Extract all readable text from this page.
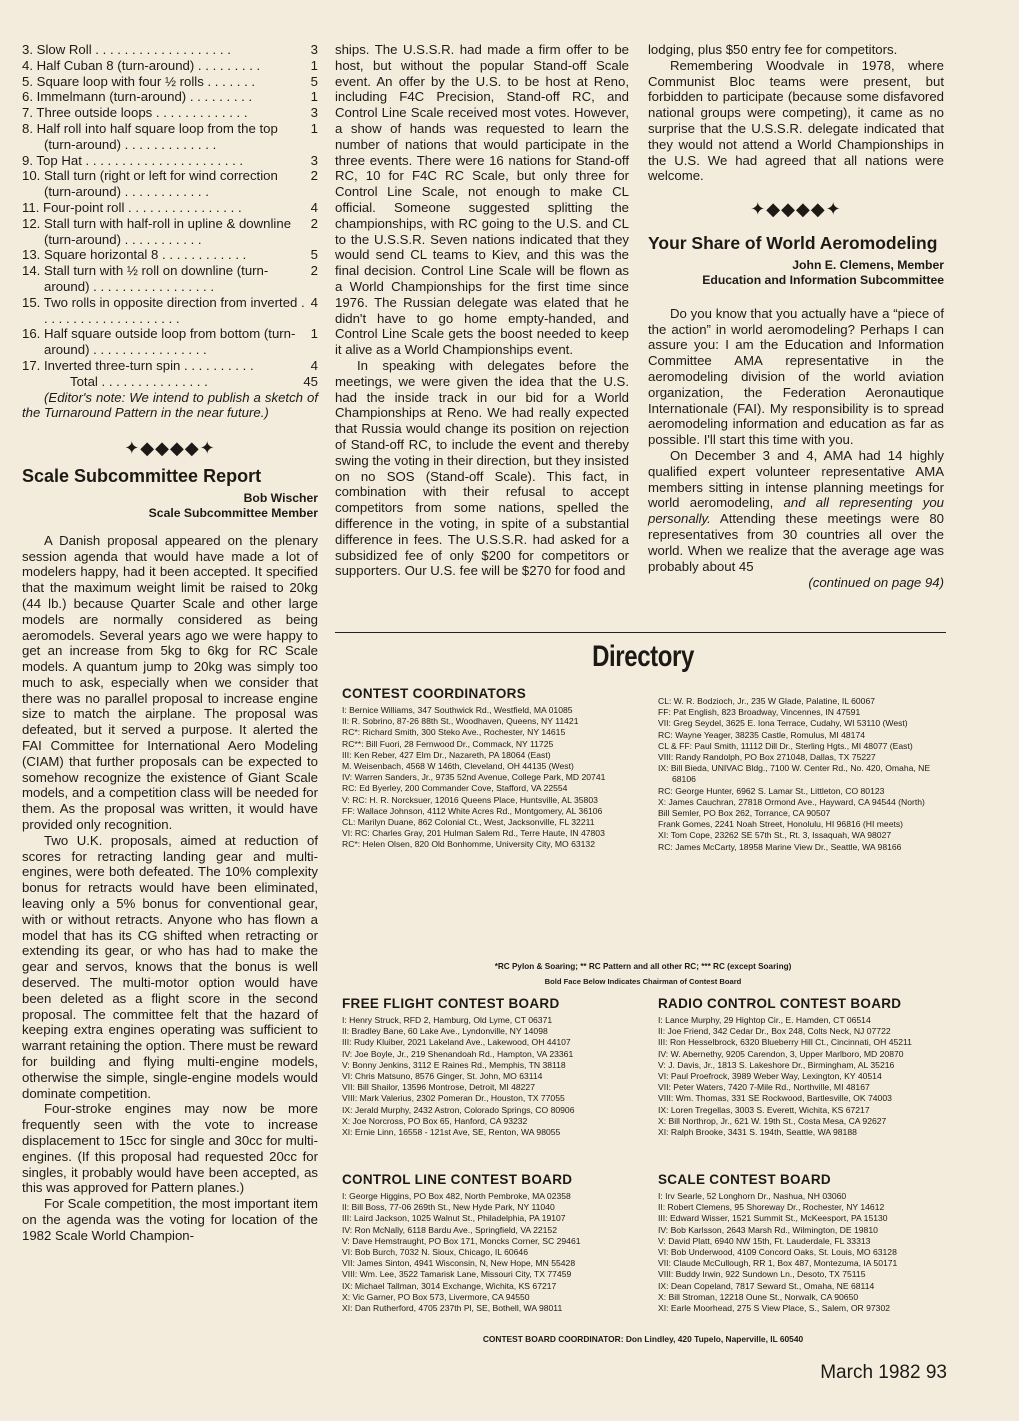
3
3. Slow Roll . . . . . . . . . . . . . . . . . . .

1
4. Half Cuban 8 (turn-around) . . . . . . . . .

5
5. Square loop with four ½ rolls . . . . . . .

1
6. Immelmann (turn-around) . . . . . . . . .

3
7. Three outside loops . . . . . . . . . . . . .

1
8. Half roll into half square loop from the top (turn-around) . . . . . . . . . . . . .

3
9. Top Hat . . . . . . . . . . . . . . . . . . . . . .

2
10. Stall turn (right or left for wind correction (turn-around) . . . . . . . . . . . .

4
11. Four-point roll . . . . . . . . . . . . . . . .

2
12. Stall turn with half-roll in upline & downline (turn-around) . . . . . . . . . . .

5
13. Square horizontal 8 . . . . . . . . . . . .

2
14. Stall turn with ½ roll on downline (turn-around) . . . . . . . . . . . . . . . . .

4
15. Two rolls in opposite direction from inverted . . . . . . . . . . . . . . . . . . . .

1
16. Half square outside loop from bottom (turn-around) . . . . . . . . . . . . . . . .

4
17. Inverted three-turn spin . . . . . . . . . .

Total . . . . . . . . . . . . . . .	45

(Editor's note: We intend to publish a sketch of the Turnaround Pattern in the near future.)

✦◆◆◆◆✦
Scale Subcommittee Report

Bob Wischer
Scale Subcommittee Member

A Danish proposal appeared on the plenary session agenda that would have made a lot of modelers happy, had it been accepted. It specified that the maximum weight limit be raised to 20kg (44 lb.) because Quarter Scale and other large models are normally considered as being aeromodels. Several years ago we were happy to get an increase from 5kg to 6kg for RC Scale models. A quantum jump to 20kg was simply too much to ask, especially when we consider that there was no parallel proposal to increase engine size to match the airplane. The proposal was defeated, but it served a purpose. It alerted the FAI Committee for International Aero Modeling (CIAM) that further proposals can be expected to somehow recognize the existence of Giant Scale models, and a competition class will be needed for them. As the proposal was written, it would have provided only recognition.

Two U.K. proposals, aimed at reduction of scores for retracting landing gear and multi-engines, were both defeated. The 10% complexity bonus for retracts would have been eliminated, leaving only a 5% bonus for conventional gear, with or without retracts. Anyone who has flown a model that has its CG shifted when retracting or extending its gear, or who has had to make the gear and servos, knows that the bonus is well deserved. The multi-motor option would have been deleted as a flight score in the second proposal. The committee felt that the hazard of keeping extra engines operating was sufficient to warrant retaining the option. There must be reward for building and flying multi-engine models, otherwise the simple, single-engine models would dominate competition.

Four-stroke engines may now be more frequently seen with the vote to increase displacement to 15cc for single and 30cc for multi-engines. (If this proposal had requested 20cc for singles, it probably would have been accepted, as this was approved for Pattern planes.)

For Scale competition, the most important item on the agenda was the voting for location of the 1982 Scale World Champion-

ships. The U.S.S.R. had made a firm offer to be host, but without the popular Stand-off Scale event. An offer by the U.S. to be host at Reno, including F4C Precision, Stand-off RC, and Control Line Scale received most votes. However, a show of hands was requested to learn the number of nations that would participate in the three events. There were 16 nations for Stand-off RC, 10 for F4C RC Scale, but only three for Control Line Scale, not enough to make CL official. Someone suggested splitting the championships, with RC going to the U.S. and CL to the U.S.S.R. Seven nations indicated that they would send CL teams to Kiev, and this was the final decision. Control Line Scale will be flown as a World Championships for the first time since 1976. The Russian delegate was elated that he didn't have to go home empty-handed, and Control Line Scale gets the boost needed to keep it alive as a World Championships event.

In speaking with delegates before the meetings, we were given the idea that the U.S. had the inside track in our bid for a World Championships at Reno. We had really expected that Russia would change its position on rejection of Stand-off RC, to include the event and thereby swing the voting in their direction, but they insisted on no SOS (Stand-off Scale). This fact, in combination with their refusal to accept competitors from some nations, spelled the difference in the voting, in spite of a substantial difference in fees. The U.S.S.R. had asked for a subsidized fee of only $200 for competitors or supporters. Our U.S. fee will be $270 for food and

lodging, plus $50 entry fee for competitors.

Remembering Woodvale in 1978, where Communist Bloc teams were present, but forbidden to participate (because some disfavored national groups were competing), it came as no surprise that the U.S.S.R. delegate indicated that they would not attend a World Championships in the U.S. We had agreed that all nations were welcome.

✦◆◆◆◆✦
Your Share of World Aeromodeling

John E. Clemens, Member
Education and Information Subcommittee

Do you know that you actually have a “piece of the action” in world aeromodeling? Perhaps I can assure you: I am the Education and Information Committee AMA representative in the aeromodeling division of the world aviation organization, the Federation Aeronautique Internationale (FAI). My responsibility is to spread aeromodeling information and education as far as possible. I'll start this time with you.

On December 3 and 4, AMA had 14 highly qualified expert volunteer representative AMA members sitting in intense planning meetings for world aeromodeling, and all representing you personally. Attending these meetings were 80 representatives from 30 countries all over the world. When we realize that the average age was probably about 45

(continued on page 94)

Directory

CONTEST COORDINATORS

I: Bernice Williams, 347 Southwick Rd., Westfield, MA 01085

II: R. Sobrino, 87-26 88th St., Woodhaven, Queens, NY 11421

RC*: Richard Smith, 300 Steko Ave., Rochester, NY 14615

RC**: Bill Fuori, 28 Fernwood Dr., Commack, NY 11725

III: Ken Reber, 427 Elm Dr., Nazareth, PA 18064 (East)

M. Weisenbach, 4568 W 146th, Cleveland, OH 44135 (West)

IV: Warren Sanders, Jr., 9735 52nd Avenue, College Park, MD 20741

RC: Ed Byerley, 200 Commander Cove, Stafford, VA 22554

V: RC: H. R. Norcksuer, 12016 Queens Place, Huntsville, AL 35803

FF: Wallace Johnson, 4112 White Acres Rd., Montgomery, AL 36106

CL: Marilyn Duane, 862 Colonial Ct., West, Jacksonville, FL 32211

VI: RC: Charles Gray, 201 Hulman Salem Rd., Terre Haute, IN 47803

RC*: Helen Olsen, 820 Old Bonhomme, University City, MO 63132

CL: W. R. Bodzioch, Jr., 235 W Glade, Palatine, IL 60067

FF: Pat English, 823 Broadway, Vincennes, IN 47591

VII: Greg Seydel, 3625 E. Iona Terrace, Cudahy, WI 53110 (West)

RC: Wayne Yeager, 38235 Castle, Romulus, MI 48174

CL & FF: Paul Smith, 11112 Dill Dr., Sterling Hgts., MI 48077 (East)

VIII: Randy Randolph, PO Box 271048, Dallas, TX 75227

IX: Bill Bieda, UNIVAC Bldg., 7100 W. Center Rd., No. 420, Omaha, NE 68106

RC: George Hunter, 6962 S. Lamar St., Littleton, CO 80123

X: James Cauchran, 27818 Ormond Ave., Hayward, CA 94544 (North)

Bill Semler, PO Box 262, Torrance, CA 90507

Frank Gomes, 2241 Noah Street, Honolulu, HI 96816 (HI meets)

XI: Tom Cope, 23262 SE 57th St., Rt. 3, Issaquah, WA 98027

RC: James McCarty, 18958 Marine View Dr., Seattle, WA 98166

*RC Pylon & Soaring; ** RC Pattern and all other RC; *** RC (except Soaring)
Bold Face Below Indicates Chairman of Contest Board

FREE FLIGHT CONTEST BOARD

I: Henry Struck, RFD 2, Hamburg, Old Lyme, CT 06371

II: Bradley Bane, 60 Lake Ave., Lyndonville, NY 14098

III: Rudy Kluiber, 2021 Lakeland Ave., Lakewood, OH 44107

IV: Joe Boyle, Jr., 219 Shenandoah Rd., Hampton, VA 23361

V: Bonny Jenkins, 3112 E Raines Rd., Memphis, TN 38118

VI: Chris Matsuno, 8576 Ginger, St. John, MO 63114

VII: Bill Shailor, 13596 Montrose, Detroit, MI 48227

VIII: Mark Valerius, 2302 Pomeran Dr., Houston, TX 77055

IX: Jerald Murphy, 2432 Astron, Colorado Springs, CO 80906

X: Joe Norcross, PO Box 65, Hanford, CA 93232

XI: Ernie Linn, 16558 - 121st Ave, SE, Renton, WA 98055

RADIO CONTROL CONTEST BOARD

I: Lance Murphy, 29 Hightop Cir., E. Hamden, CT 06514

II: Joe Friend, 342 Cedar Dr., Box 248, Colts Neck, NJ 07722

III: Ron Hesselbrock, 6320 Blueberry Hill Ct., Cincinnati, OH 45211

IV: W. Abernethy, 9205 Carendon, 3, Upper Marlboro, MD 20870

V: J. Davis, Jr., 1813 S. Lakeshore Dr., Birmingham, AL 35216

VI: Paul Proefrock, 3989 Weber Way, Lexington, KY 40514

VII: Peter Waters, 7420 7-Mile Rd., Northville, MI 48167

VIII: Wm. Thomas, 331 SE Rockwood, Bartlesville, OK 74003

IX: Loren Tregellas, 3003 S. Everett, Wichita, KS 67217

X: Bill Northrop, Jr., 621 W. 19th St., Costa Mesa, CA 92627

XI: Ralph Brooke, 3431 S. 194th, Seattle, WA 98188

CONTROL LINE CONTEST BOARD

I: George Higgins, PO Box 482, North Pembroke, MA 02358

II: Bill Boss, 77-06 269th St., New Hyde Park, NY 11040

III: Laird Jackson, 1025 Walnut St., Philadelphia, PA 19107

IV: Ron McNally, 6118 Bardu Ave., Springfield, VA 22152

V: Dave Hemstraught, PO Box 171, Moncks Corner, SC 29461

VI: Bob Burch, 7032 N. Sioux, Chicago, IL 60646

VII: James Sinton, 4941 Wisconsin, N, New Hope, MN 55428

VIII: Wm. Lee, 3522 Tamarisk Lane, Missouri City, TX 77459

IX: Michael Tallman, 3014 Exchange, Wichita, KS 67217

X: Vic Garner, PO Box 573, Livermore, CA 94550

XI: Dan Rutherford, 4705 237th Pl, SE, Bothell, WA 98011

SCALE CONTEST BOARD

I: Irv Searle, 52 Longhorn Dr., Nashua, NH 03060

II: Robert Clemens, 95 Shoreway Dr., Rochester, NY 14612

III: Edward Wisser, 1521 Summit St., McKeesport, PA 15130

IV: Bob Karlsson, 2643 Marsh Rd., Wilmington, DE 19810

V: David Platt, 6940 NW 15th, Ft. Lauderdale, FL 33313

VI: Bob Underwood, 4109 Concord Oaks, St. Louis, MO 63128

VII: Claude McCullough, RR 1, Box 487, Montezuma, IA 50171

VIII: Buddy Irwin, 922 Sundown Ln., Desoto, TX 75115

IX: Dean Copeland, 7817 Seward St., Omaha, NE 68114

X: Bill Stroman, 12218 Oune St., Norwalk, CA 90650

XI: Earle Moorhead, 275 S View Place, S., Salem, OR 97302

CONTEST BOARD COORDINATOR: Don Lindley, 420 Tupelo, Naperville, IL 60540
March 1982 93
